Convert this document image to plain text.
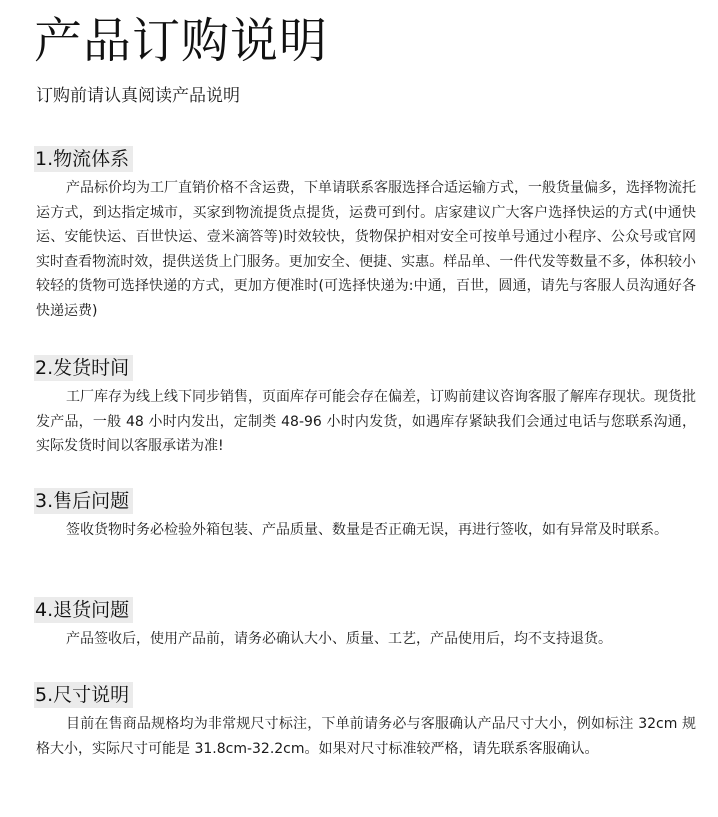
产品订购说明
订购前请认真阅读产品说明
1.物流体系

产品标价均为工厂直销价格不含运费，下单请联系客服选择合适运输方式，一般货量偏多，选择物流托运方式，到达指定城市，买家到物流提货点提货，运费可到付。店家建议广大客户选择快运的方式(中通快运、安能快运、百世快运、壹米滴答等)时效较快，货物保护相对安全可按单号通过小程序、公众号或官网实时查看物流时效，提供送货上门服务。更加安全、便捷、实惠。样品单、一件代发等数量不多，体积较小较轻的货物可选择快递的方式，更加方便准时(可选择快递为:中通，百世，圆通，请先与客服人员沟通好各快递运费)

2.发货时间

工厂库存为线上线下同步销售，页面库存可能会存在偏差，订购前建议咨询客服了解库存现状。现货批发产品，一般 48 小时内发出，定制类 48-96 小时内发货，如遇库存紧缺我们会通过电话与您联系沟通，实际发货时间以客服承诺为准!

3.售后问题

签收货物时务必检验外箱包装、产品质量、数量是否正确无误，再进行签收，如有异常及时联系。

4.退货问题

产品签收后，使用产品前，请务必确认大小、质量、工艺，产品使用后，均不支持退货。

5.尺寸说明

目前在售商品规格均为非常规尺寸标注，下单前请务必与客服确认产品尺寸大小，例如标注 32cm 规格大小，实际尺寸可能是 31.8cm-32.2cm。如果对尺寸标准较严格，请先联系客服确认。
